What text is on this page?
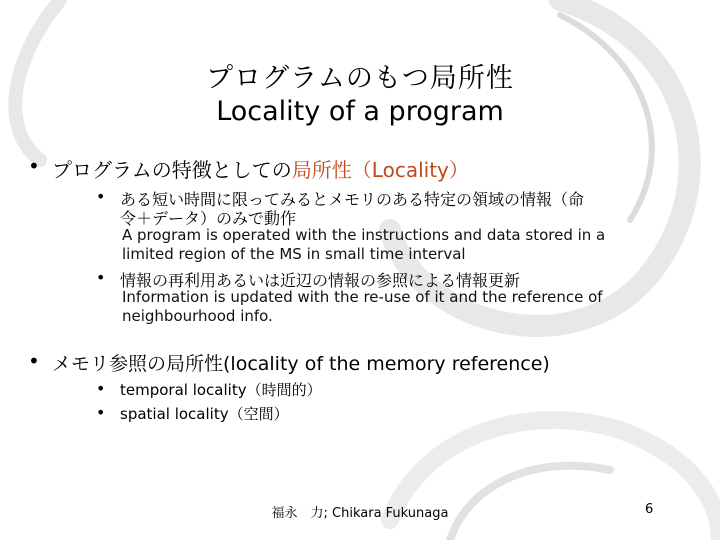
プログラムのもつ局所性
Locality of a program
• プログラムの特徴としての局所性（Locality）
• ある短い時間に限ってみるとメモリのある特定の領域の情報（命
令＋データ）のみで動作
A program is operated with the instructions and data stored in a
limited region of the MS in small time interval
• 情報の再利用あるいは近辺の情報の参照による情報更新
Information is updated with the re-use of it and the reference of
neighbourhood info.
• メモリ参照の局所性(locality of the memory reference)
• temporal locality（時間的）
• spatial locality（空間）
福永　力; Chikara Fukunaga	6
